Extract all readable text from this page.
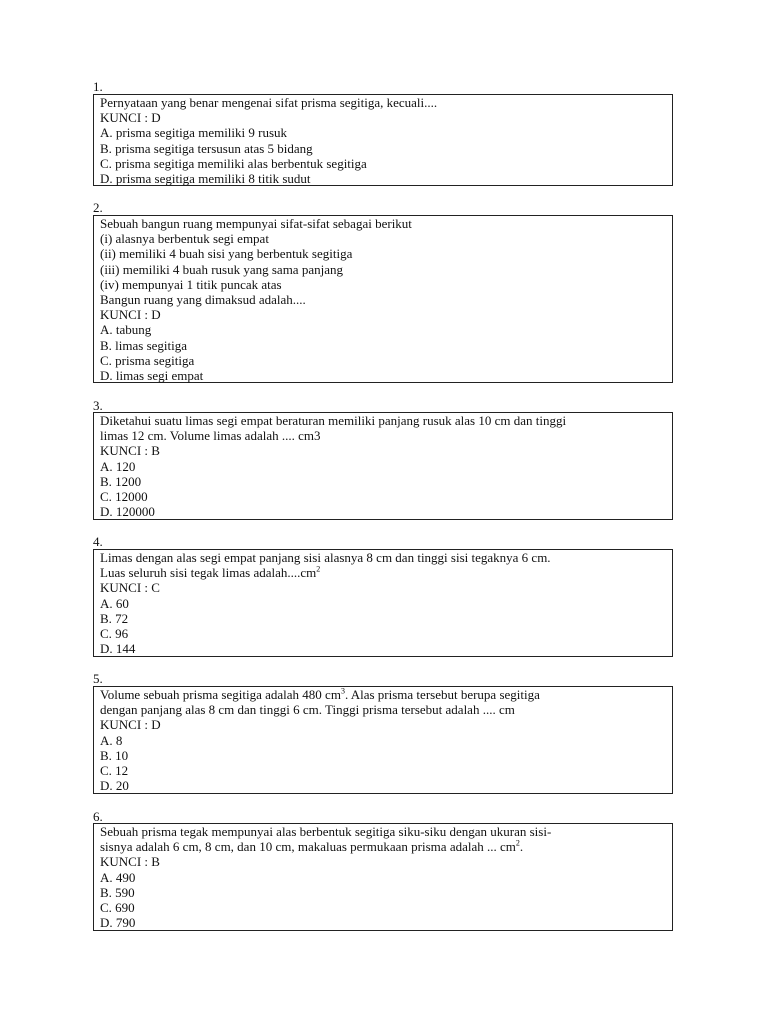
1.
Pernyataan yang benar mengenai sifat prisma segitiga, kecuali....
KUNCI : D
A. prisma segitiga memiliki 9 rusuk
B. prisma segitiga tersusun atas 5 bidang
C. prisma segitiga memiliki alas berbentuk segitiga
D. prisma segitiga memiliki 8 titik sudut
2.
Sebuah bangun ruang mempunyai sifat-sifat sebagai berikut
(i) alasnya berbentuk segi empat
(ii) memiliki 4 buah sisi yang berbentuk segitiga
(iii) memiliki 4 buah rusuk yang sama panjang
(iv) mempunyai 1 titik puncak atas
Bangun ruang yang dimaksud adalah....
KUNCI : D
A. tabung
B. limas segitiga
C. prisma segitiga
D. limas segi empat
3.
Diketahui suatu limas segi empat beraturan memiliki panjang rusuk alas 10 cm dan tinggi
limas 12 cm. Volume limas adalah .... cm3
KUNCI : B
A. 120
B. 1200
C. 12000
D. 120000
4.
Limas dengan alas segi empat panjang sisi alasnya 8 cm dan tinggi sisi tegaknya 6 cm.
Luas seluruh sisi tegak limas $adalah....cm^2$
KUNCI : C
A. 60
B. 72
C. 96
D. 144
5.
Volume sebuah prisma segitiga adalah 480 $cm^3$. Alas prisma tersebut berupa segitiga
dengan panjang alas 8 cm dan tinggi 6 cm. Tinggi prisma tersebut adalah .... cm
KUNCI : D
A. 8
B. 10
C. 12
D. 20
6.
Sebuah prisma tegak mempunyai alas berbentuk segitiga siku-siku dengan ukuran sisi-
sisnya adalah 6 cm, 8 cm, dan 10 cm, makaluas permukaan prisma adalah ... $cm^2$.
KUNCI : B
A. 490
B. 590
C. 690
D. 790
